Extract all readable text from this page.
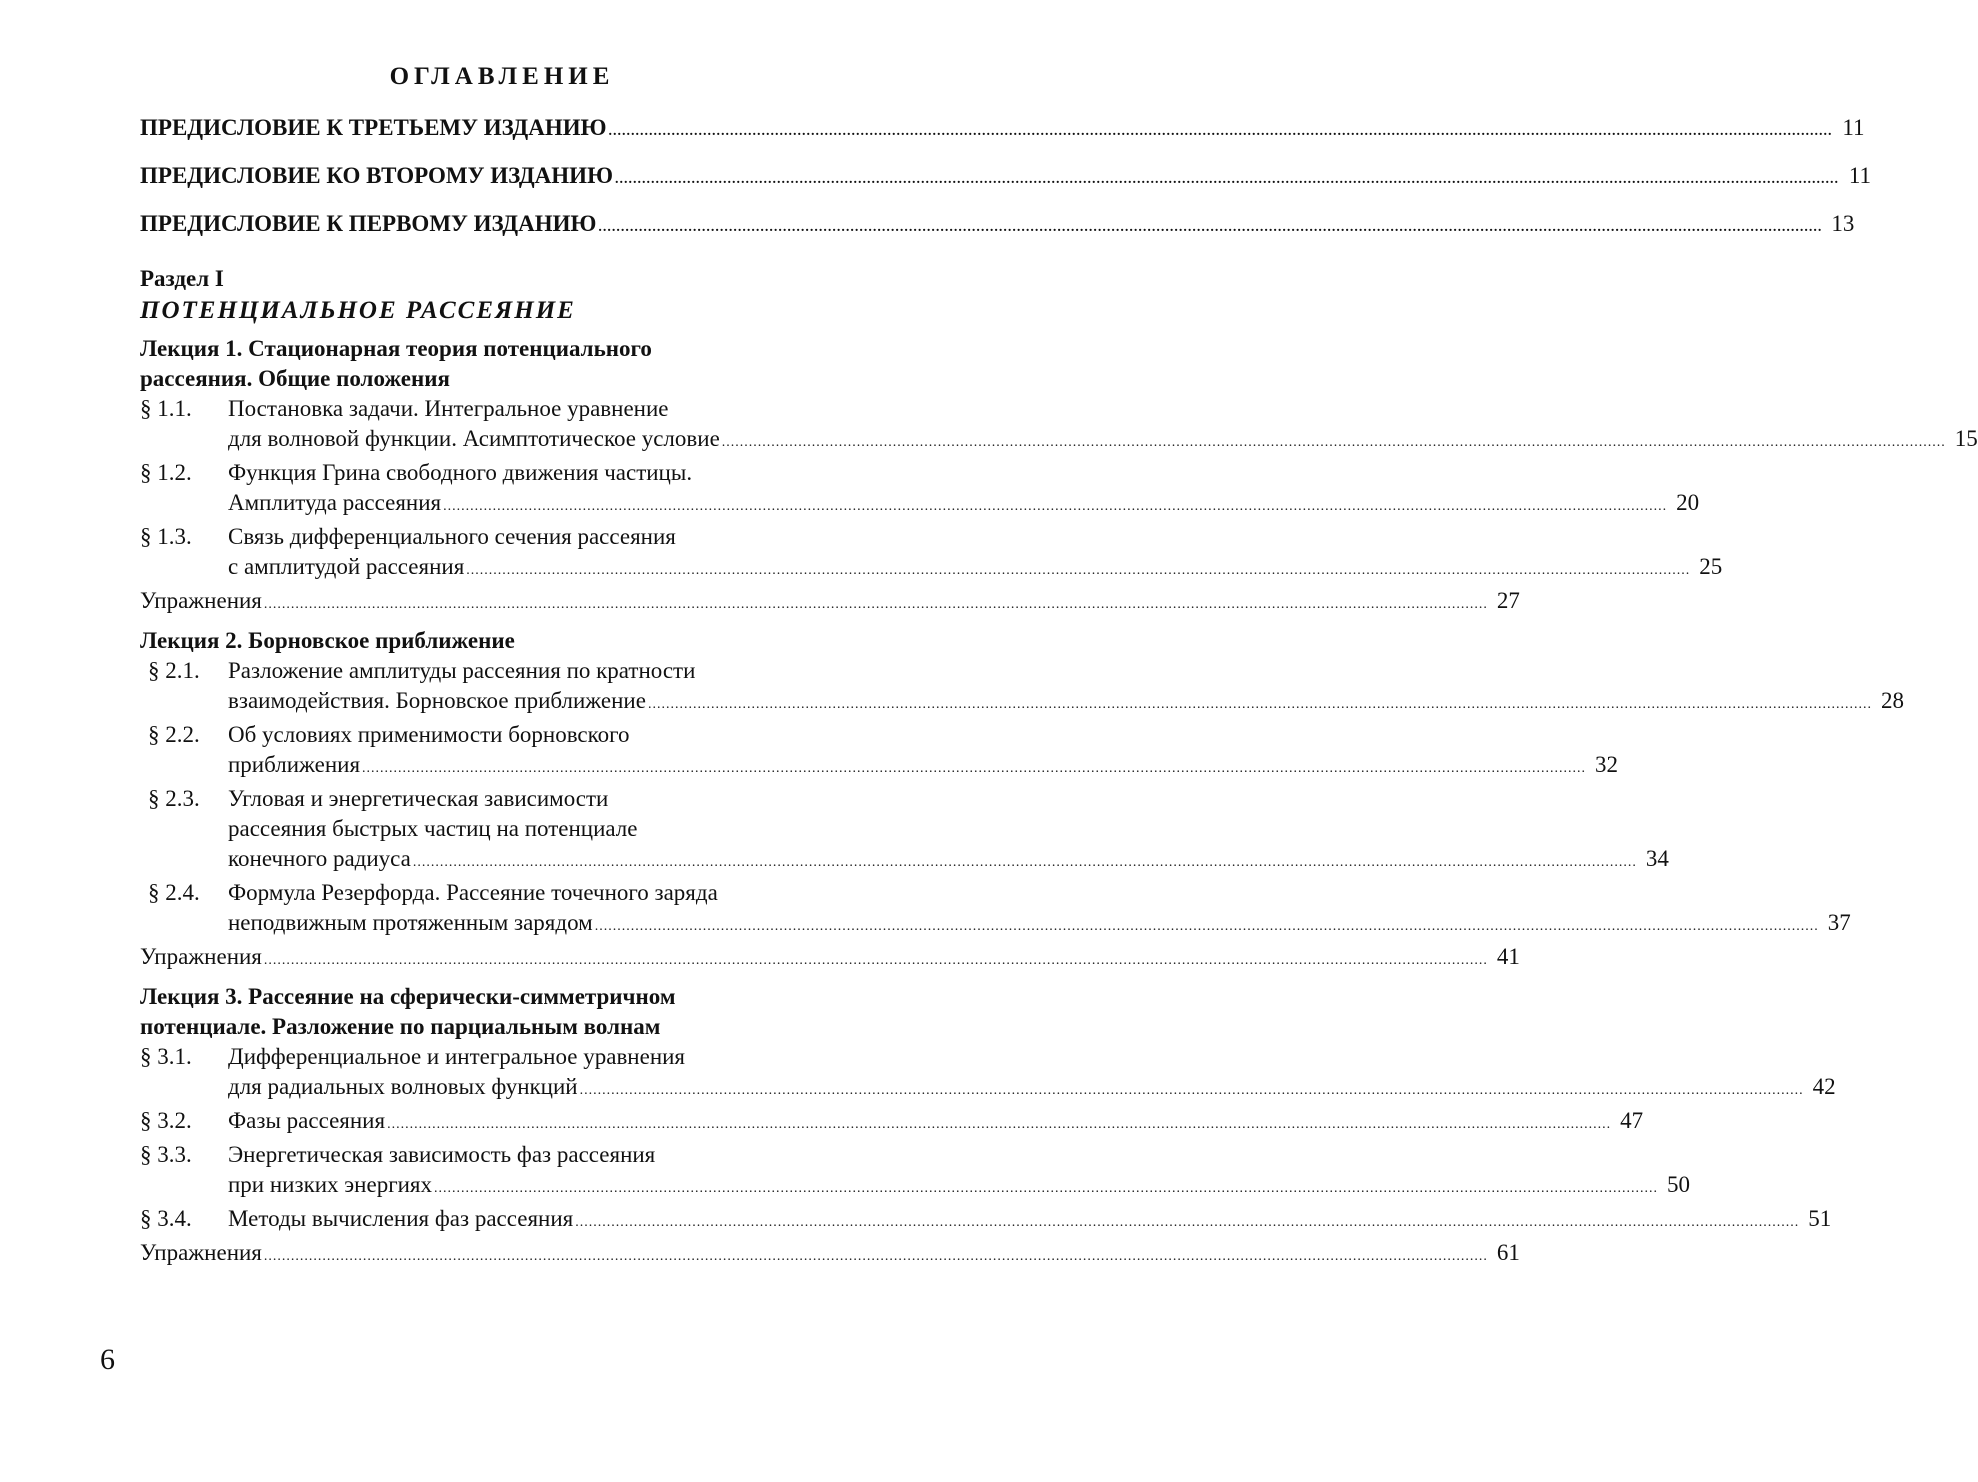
ОГЛАВЛЕНИЕ
ПРЕДИСЛОВИЕ К ТРЕТЬЕМУ ИЗДАНИЮ .....	11
ПРЕДИСЛОВИЕ КО ВТОРОМУ ИЗДАНИЮ .....	11
ПРЕДИСЛОВИЕ К ПЕРВОМУ ИЗДАНИЮ .....	13
Раздел I
ПОТЕНЦИАЛЬНОЕ РАССЕЯНИЕ
Лекция 1. Стационарная теория потенциального
рассеяния. Общие положения
§ 1.1.	Постановка задачи. Интегральное уравнение
для волновой функции. Асимптотическое условие .....	15
§ 1.2.	Функция Грина свободного движения частицы.
Амплитуда рассеяния .....	20
§ 1.3.	Связь дифференциального сечения рассеяния
с амплитудой рассеяния .....	25
Упражнения .....	27
Лекция 2. Борновское приближение
§ 2.1.	Разложение амплитуды рассеяния по кратности
взаимодействия. Борновское приближение .....	28
§ 2.2.	Об условиях применимости борновского
приближения .....	32
§ 2.3.	Угловая и энергетическая зависимости
рассеяния быстрых частиц на потенциале
конечного радиуса .....	34
§ 2.4.	Формула Резерфорда. Рассеяние точечного заряда
неподвижным протяженным зарядом .....	37
Упражнения .....	41
Лекция 3. Рассеяние на сферически-симметричном
потенциале. Разложение по парциальным волнам
§ 3.1.	Дифференциальное и интегральное уравнения
для радиальных волновых функций .....	42
§ 3.2.	Фазы рассеяния .....	47
§ 3.3.	Энергетическая зависимость фаз рассеяния
при низких энергиях .....	50
§ 3.4.	Методы вычисления фаз рассеяния .....	51
Упражнения .....	61
6
